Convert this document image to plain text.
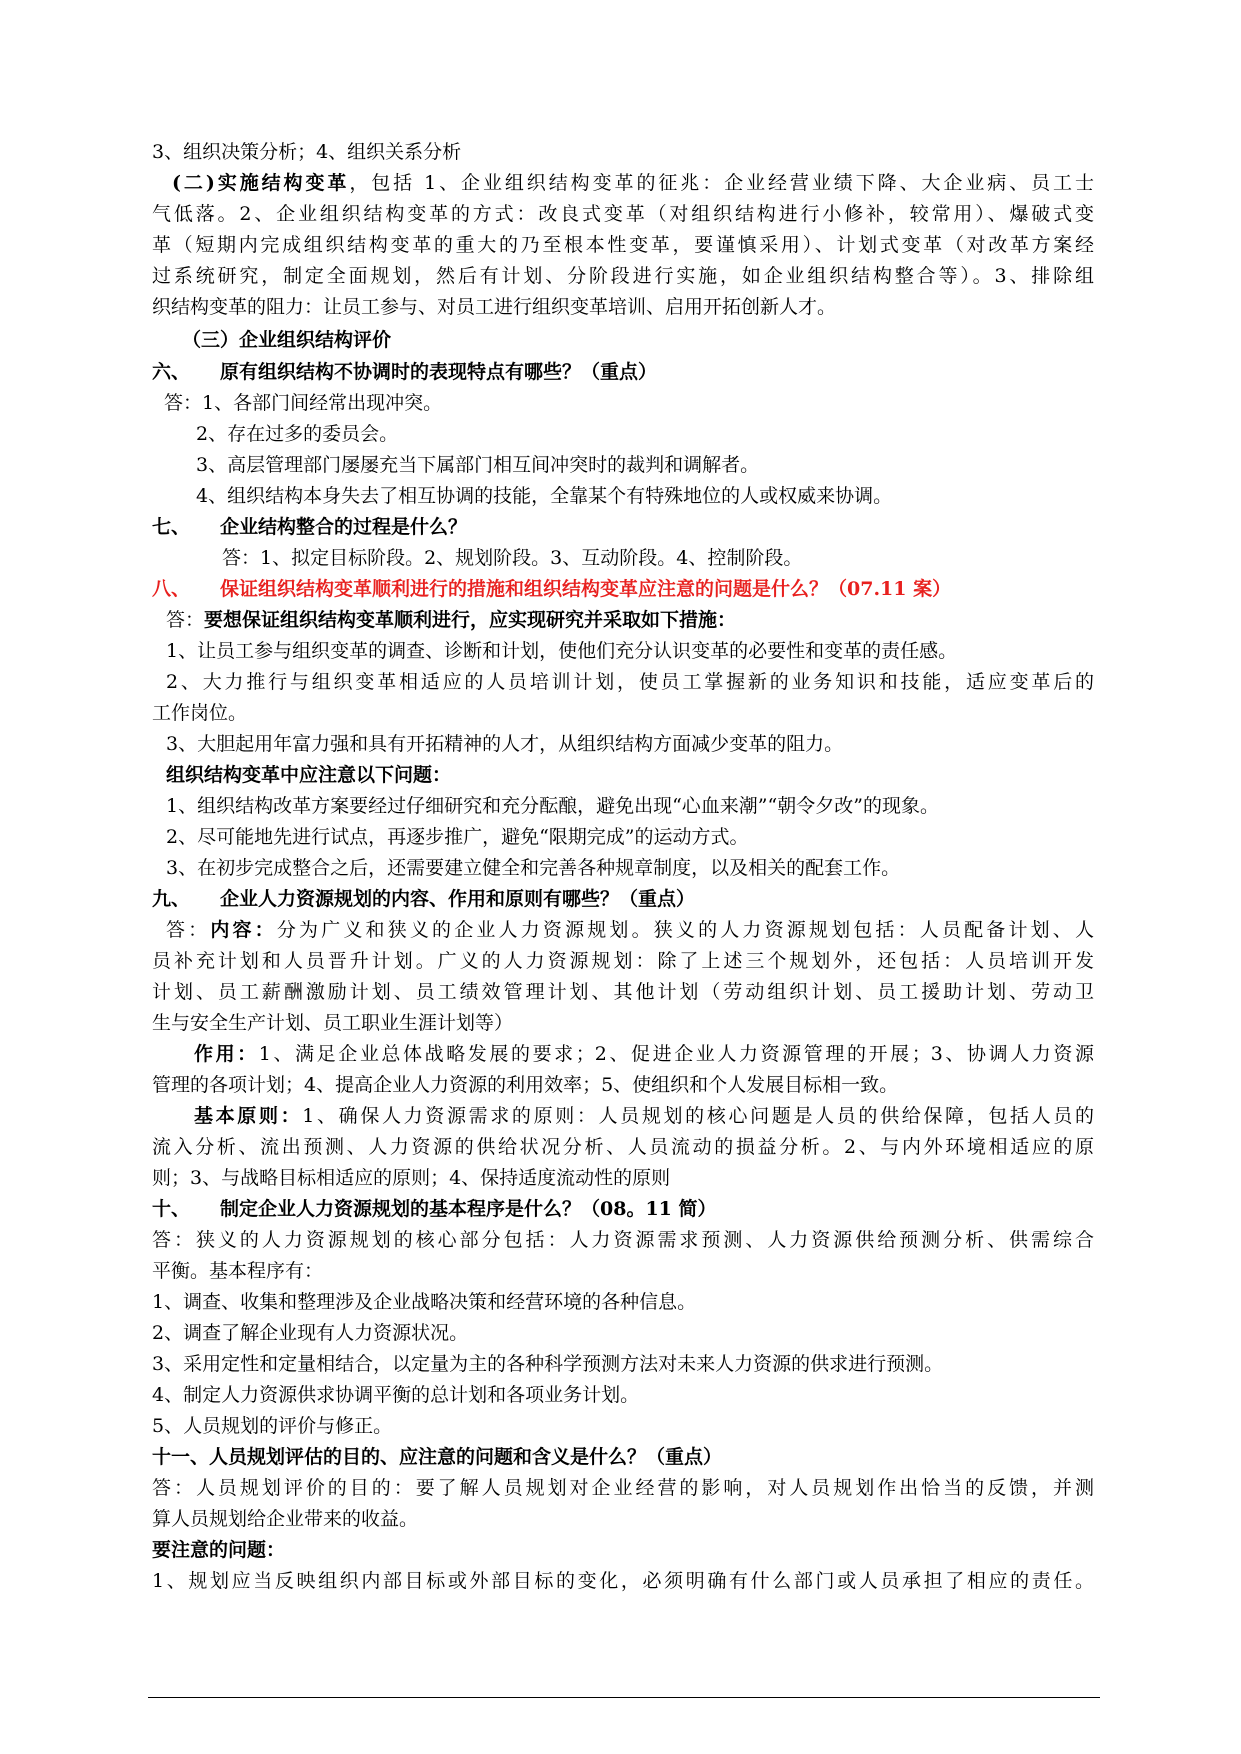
3、组织决策分析；4、组织关系分析
(二)实施结构变革，包括 1、企业组织结构变革的征兆：企业经营业绩下降、大企业病、员工士
气低落。2、企业组织结构变革的方式：改良式变革（对组织结构进行小修补，较常用）、爆破式变
革（短期内完成组织结构变革的重大的乃至根本性变革，要谨慎采用）、计划式变革（对改革方案经
过系统研究，制定全面规划，然后有计划、分阶段进行实施，如企业组织结构整合等）。3、排除组
织结构变革的阻力：让员工参与、对员工进行组织变革培训、启用开拓创新人才。
（三）企业组织结构评价
六、 原有组织结构不协调时的表现特点有哪些？（重点）
答：1、各部门间经常出现冲突。
2、存在过多的委员会。
3、高层管理部门屡屡充当下属部门相互间冲突时的裁判和调解者。
4、组织结构本身失去了相互协调的技能，全靠某个有特殊地位的人或权威来协调。
七、 企业结构整合的过程是什么？
答：1、拟定目标阶段。2、规划阶段。3、互动阶段。4、控制阶段。
八、 保证组织结构变革顺利进行的措施和组织结构变革应注意的问题是什么？（07.11 案）
答：要想保证组织结构变革顺利进行，应实现研究并采取如下措施：
1、让员工参与组织变革的调查、诊断和计划，使他们充分认识变革的必要性和变革的责任感。
2、大力推行与组织变革相适应的人员培训计划，使员工掌握新的业务知识和技能，适应变革后的
工作岗位。
3、大胆起用年富力强和具有开拓精神的人才，从组织结构方面减少变革的阻力。
组织结构变革中应注意以下问题：
1、组织结构改革方案要经过仔细研究和充分酝酿，避免出现“心血来潮”“朝令夕改”的现象。
2、尽可能地先进行试点，再逐步推广，避免“限期完成”的运动方式。
3、在初步完成整合之后，还需要建立健全和完善各种规章制度，以及相关的配套工作。
九、 企业人力资源规划的内容、作用和原则有哪些？（重点）
答：内容：分为广义和狭义的企业人力资源规划。狭义的人力资源规划包括：人员配备计划、人
员补充计划和人员晋升计划。广义的人力资源规划：除了上述三个规划外，还包括：人员培训开发
计划、员工薪酬激励计划、员工绩效管理计划、其他计划（劳动组织计划、员工援助计划、劳动卫
生与安全生产计划、员工职业生涯计划等）
作用：1、满足企业总体战略发展的要求；2、促进企业人力资源管理的开展；3、协调人力资源
管理的各项计划；4、提高企业人力资源的利用效率；5、使组织和个人发展目标相一致。
基本原则：1、确保人力资源需求的原则：人员规划的核心问题是人员的供给保障，包括人员的
流入分析、流出预测、人力资源的供给状况分析、人员流动的损益分析。2、与内外环境相适应的原
则；3、与战略目标相适应的原则；4、保持适度流动性的原则
十、 制定企业人力资源规划的基本程序是什么？（08。11 简）
答：狭义的人力资源规划的核心部分包括：人力资源需求预测、人力资源供给预测分析、供需综合
平衡。基本程序有：
1、调查、收集和整理涉及企业战略决策和经营环境的各种信息。
2、调查了解企业现有人力资源状况。
3、采用定性和定量相结合，以定量为主的各种科学预测方法对未来人力资源的供求进行预测。
4、制定人力资源供求协调平衡的总计划和各项业务计划。
5、人员规划的评价与修正。
十一、人员规划评估的目的、应注意的问题和含义是什么？（重点）
答：人员规划评价的目的：要了解人员规划对企业经营的影响，对人员规划作出恰当的反馈，并测
算人员规划给企业带来的收益。
要注意的问题：
1、规划应当反映组织内部目标或外部目标的变化，必须明确有什么部门或人员承担了相应的责任。
